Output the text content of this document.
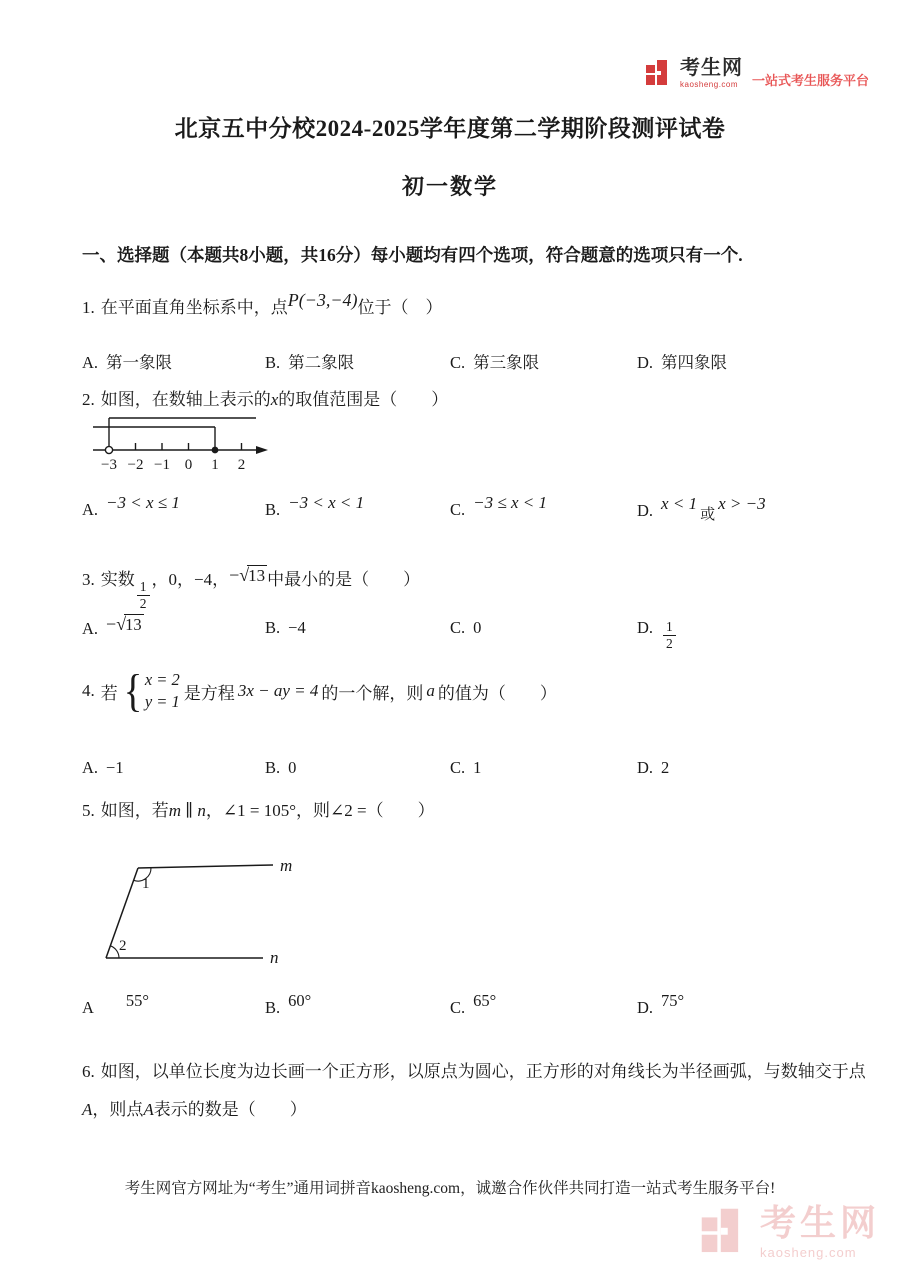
考生网
kaosheng.com	一站式考生服务平台
北京五中分校2024-2025学年度第二学期阶段测评试卷
初一数学
一、选择题（本题共8小题，共16分）每小题均有四个选项，符合题意的选项只有一个.
1. 在平面直角坐标系中，点P(−3,−4)位于（　）
A. 第一象限	B. 第二象限	C. 第三象限	D. 第四象限
2. 如图，在数轴上表示的x的取值范围是（　　）
−3 −2 −1 0 1 2
A. −3 < x ≤ 1	B. −3 < x < 1	C. −3 ≤ x < 1	D. x < 1或x > −3
3. 实数
$\frac{1}{2}$
，0，−4，−√13 中最小的是（　　）
A. −√13	B. −4	C. 0	D. $\frac{1}{2}$
4. 若 { x = 2
y = 1 是方程 3x − ay = 4 的一个解，则 a 的值为（　　）
A. −1	B. 0	C. 1	D. 2
5. 如图，若m ∥ n，∠1 = 105°，则∠2 =（　　）
m
n
1
2
A 55°	B. 60°	C. 65°	D. 75°
6. 如图，以单位长度为边长画一个正方形，以原点为圆心，正方形的对角线长为半径画弧，与数轴交于点
A，则点A表示的数是（　　）
考生网官方网址为“考生”通用词拼音kaosheng.com，诚邀合作伙伴共同打造一站式考生服务平台!
考生网
kaosheng.com
